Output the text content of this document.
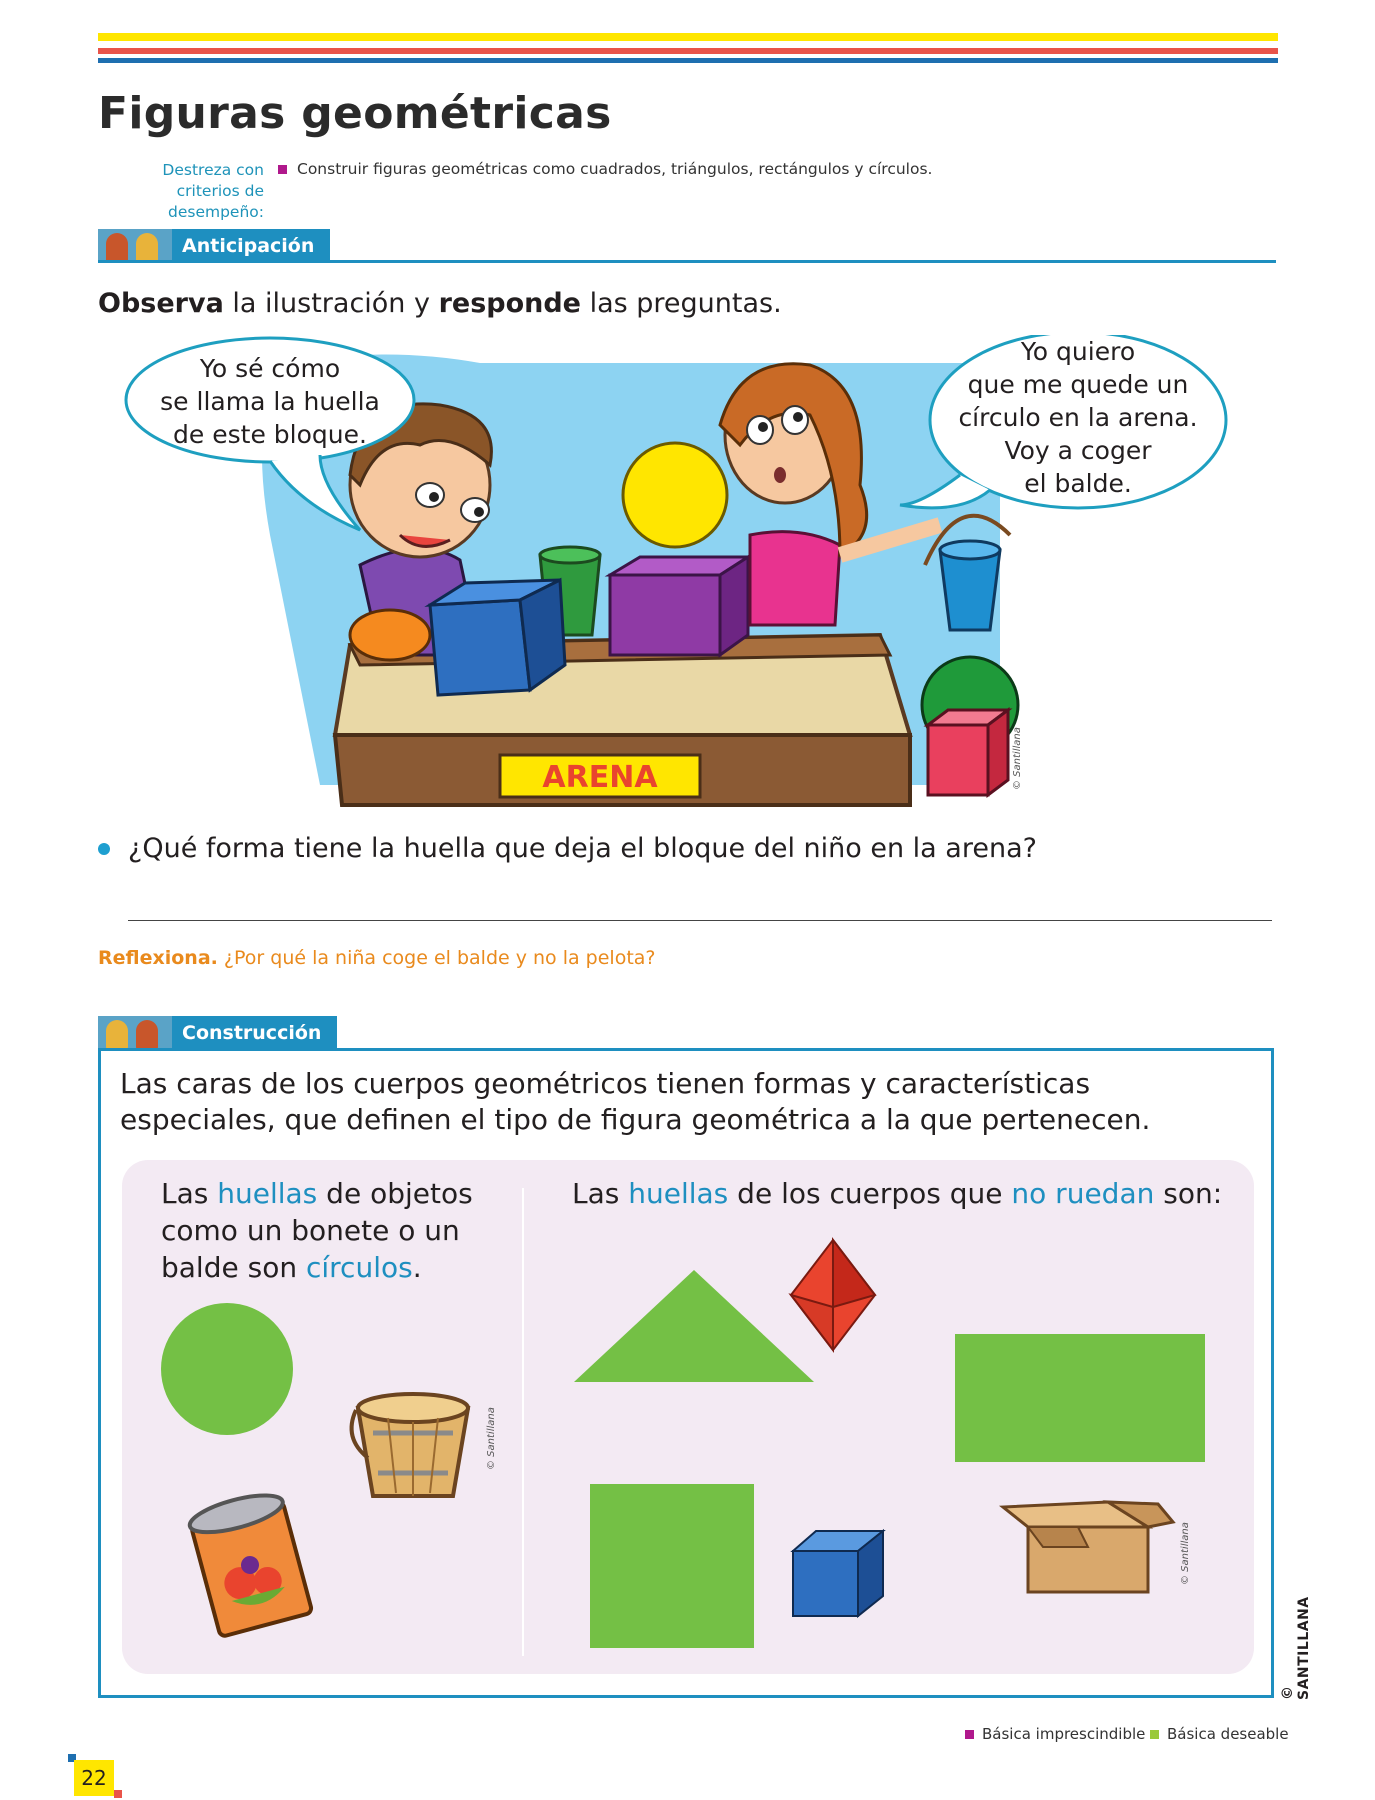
Figuras geométricas
Destreza con criterios de desempeño:
Construir figuras geométricas como cuadrados, triángulos, rectángulos y círculos.
Anticipación
Observa la ilustración y responde las preguntas.
ARENA
Yo sé cómo
se llama la huella
de este bloque.
Yo quiero
que me quede un
círculo en la arena.
Voy a coger
el balde.
© Santillana
¿Qué forma tiene la huella que deja el bloque del niño en la arena?
Reflexiona. ¿Por qué la niña coge el balde y no la pelota?
Construcción
Las caras de los cuerpos geométricos tienen formas y características especiales, que definen el tipo de figura geométrica a la que pertenecen.
Las huellas de objetos como un bonete o un balde son círculos.
Las huellas de los cuerpos que no ruedan son:
© Santillana
© Santillana
© SANTILLANA
22
Básica imprescindible Básica deseable
